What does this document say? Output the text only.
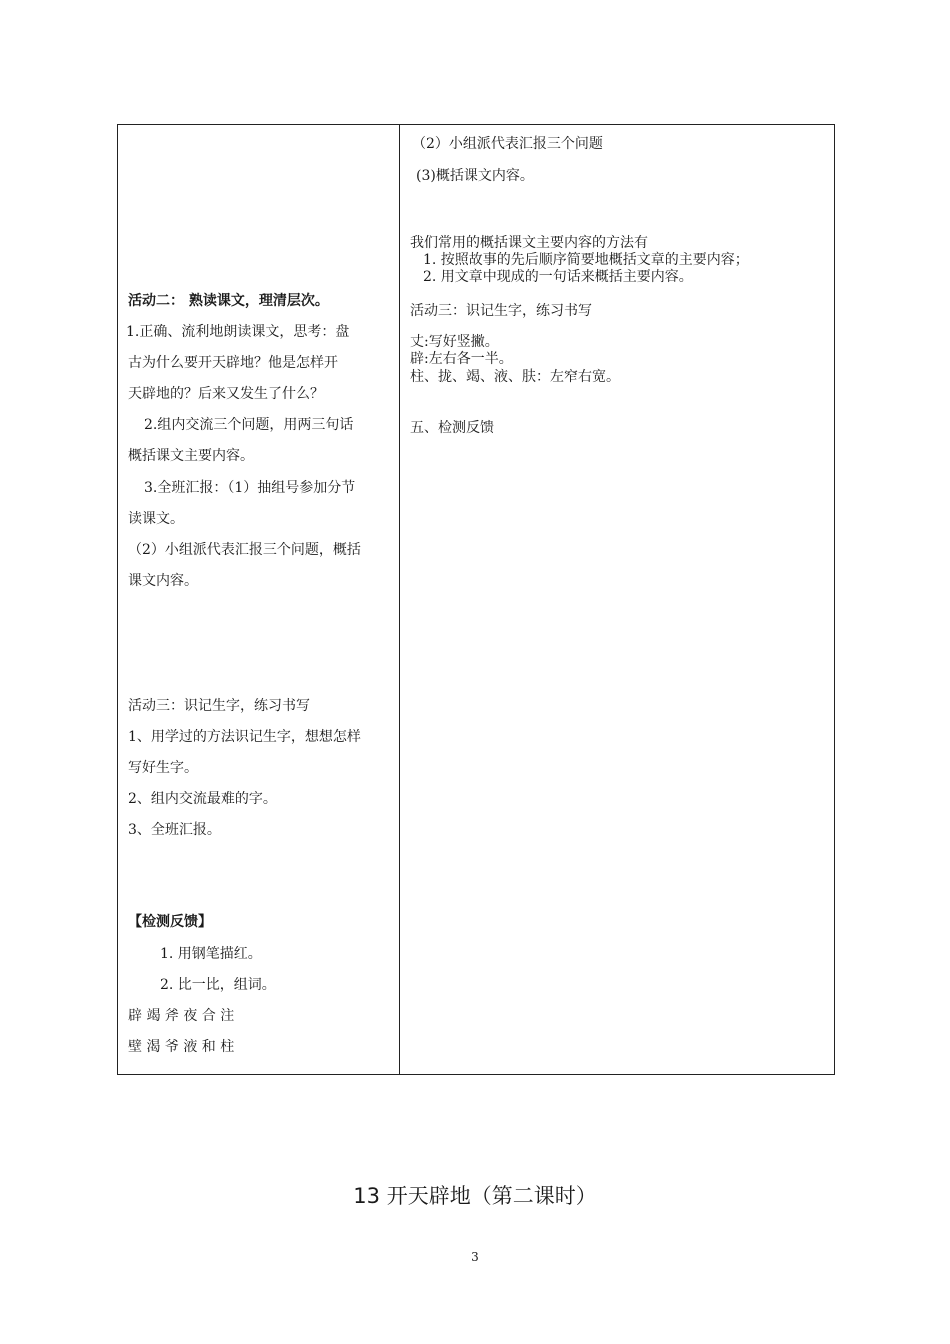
活动二： 熟读课文，理清层次。
1.正确、流利地朗读课文，思考：盘
古为什么要开天辟地？他是怎样开
天辟地的？后来又发生了什么？
2.组内交流三个问题，用两三句话
概括课文主要内容。
3.全班汇报：（1）抽组号参加分节
读课文。
（2）小组派代表汇报三个问题，概括
课文内容。
活动三：识记生字，练习书写
1、用学过的方法识记生字，想想怎样
写好生字。
2、组内交流最难的字。
3、全班汇报。
【检测反馈】
1. 用钢笔描红。
2. 比一比，组词。
辟 竭 斧 夜 合 注
壁 渴 爷 液 和 柱
（2）小组派代表汇报三个问题
(3)概括课文内容。
我们常用的概括课文主要内容的方法有
1. 按照故事的先后顺序简要地概括文章的主要内容；
2. 用文章中现成的一句话来概括主要内容。
活动三：识记生字，练习书写
丈:写好竖撇。
辟:左右各一半。
柱、拢、竭、液、肤：左窄右宽。
五、检测反馈
13 开天辟地（第二课时）
3
